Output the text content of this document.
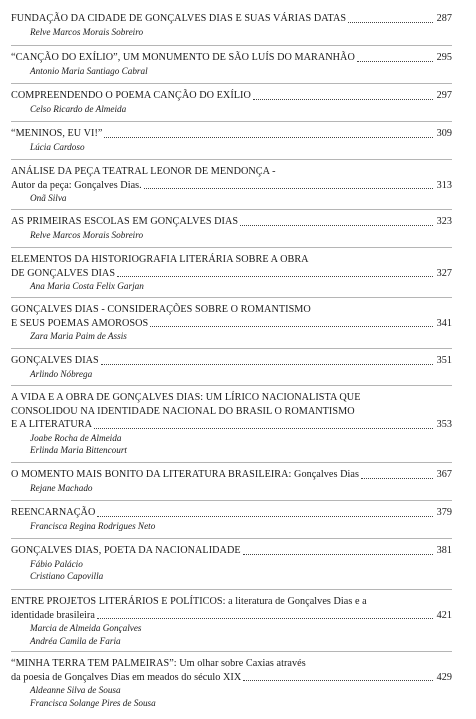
FUNDAÇÃO DA CIDADE DE GONÇALVES DIAS E SUAS VÁRIAS DATAS	287
Relve Marcos Morais Sobreiro
“CANÇÃO DO EXÍLIO”, UM MONUMENTO DE SÃO LUÍS DO MARANHÃO	295
Antonio Maria Santiago Cabral
COMPREENDENDO O POEMA CANÇÃO DO EXÍLIO	297
Celso Ricardo de Almeida
“MENINOS, EU VI!”	309
Lúcia Cardoso
ANÁLISE DA PEÇA TEATRAL LEONOR DE MENDONÇA -
Autor da peça: Gonçalves Dias.	313
Onã Silva
AS PRIMEIRAS ESCOLAS EM GONÇALVES DIAS	323
Relve Marcos Morais Sobreiro
ELEMENTOS DA HISTORIOGRAFIA LITERÁRIA SOBRE A OBRA
DE GONÇALVES DIAS	327
Ana Maria Costa Felix Garjan
GONÇALVES DIAS - CONSIDERAÇÕES SOBRE O ROMANTISMO
E SEUS POEMAS AMOROSOS	341
Zara Maria Paim de Assis
GONÇALVES DIAS	351
Arlindo Nóbrega
A VIDA E A OBRA DE GONÇALVES DIAS: UM LÍRICO NACIONALISTA QUE
CONSOLIDOU NA IDENTIDADE NACIONAL DO BRASIL O ROMANTISMO
E A LITERATURA	353
Joabe Rocha de Almeida
Erlinda Maria Bittencourt
O MOMENTO MAIS BONITO DA LITERATURA BRASILEIRA: Gonçalves Dias	367
Rejane Machado
REENCARNAÇÃO	379
Francisca Regina Rodrigues Neto
GONÇALVES DIAS, POETA DA NACIONALIDADE	381
Fábio Palácio
Cristiano Capovilla
ENTRE PROJETOS LITERÁRIOS E POLÍTICOS: a literatura de Gonçalves Dias e a
identidade brasileira	421
Marcia de Almeida Gonçalves
Andréa Camila de Faria
“MINHA TERRA TEM PALMEIRAS”: Um olhar sobre Caxias através
da poesia de Gonçalves Dias em meados do século XIX	429
Aldeanne Silva de Sousa
Francisca Solange Pires de Sousa
